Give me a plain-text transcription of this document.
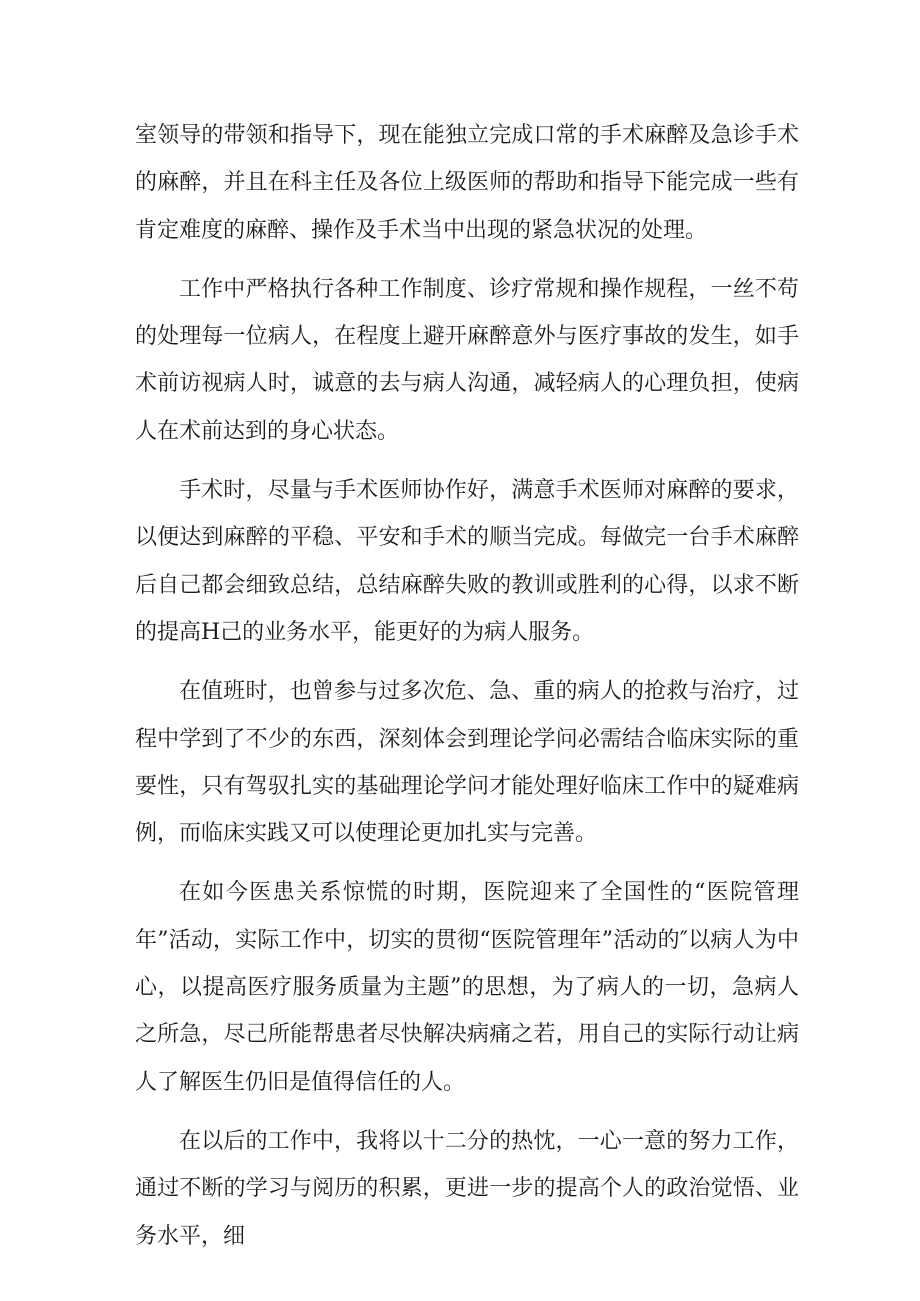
室领导的带领和指导下，现在能独立完成口常的手术麻醉及急诊手术的麻醉，并且在科主任及各位上级医师的帮助和指导下能完成一些有肯定难度的麻醉、操作及手术当中出现的紧急状况的处理。

工作中严格执行各种工作制度、诊疗常规和操作规程，一丝不苟的处理每一位病人，在程度上避开麻醉意外与医疗事故的发生，如手术前访视病人时，诚意的去与病人沟通，减轻病人的心理负担，使病人在术前达到的身心状态。

手术时，尽量与手术医师协作好，满意手术医师对麻醉的要求，以便达到麻醉的平稳、平安和手术的顺当完成。每做完一台手术麻醉后自己都会细致总结，总结麻醉失败的教训或胜利的心得，以求不断的提高H己的业务水平，能更好的为病人服务。

在值班时，也曾参与过多次危、急、重的病人的抢救与治疗，过程中学到了不少的东西，深刻体会到理论学问必需结合临床实际的重要性，只有驾驭扎实的基础理论学问才能处理好临床工作中的疑难病例，而临床实践又可以使理论更加扎实与完善。

在如今医患关系惊慌的时期，医院迎来了全国性的“医院管理年”活动，实际工作中，切实的贯彻“医院管理年”活动的″以病人为中心，以提高医疗服务质量为主题”的思想，为了病人的一切，急病人之所急，尽己所能帮患者尽快解决病痛之若，用自己的实际行动让病人了解医生仍旧是值得信任的人。

在以后的工作中，我将以十二分的热忱，一心一意的努力工作，通过不断的学习与阅历的积累，更进一步的提高个人的政治觉悟、业务水平，细
